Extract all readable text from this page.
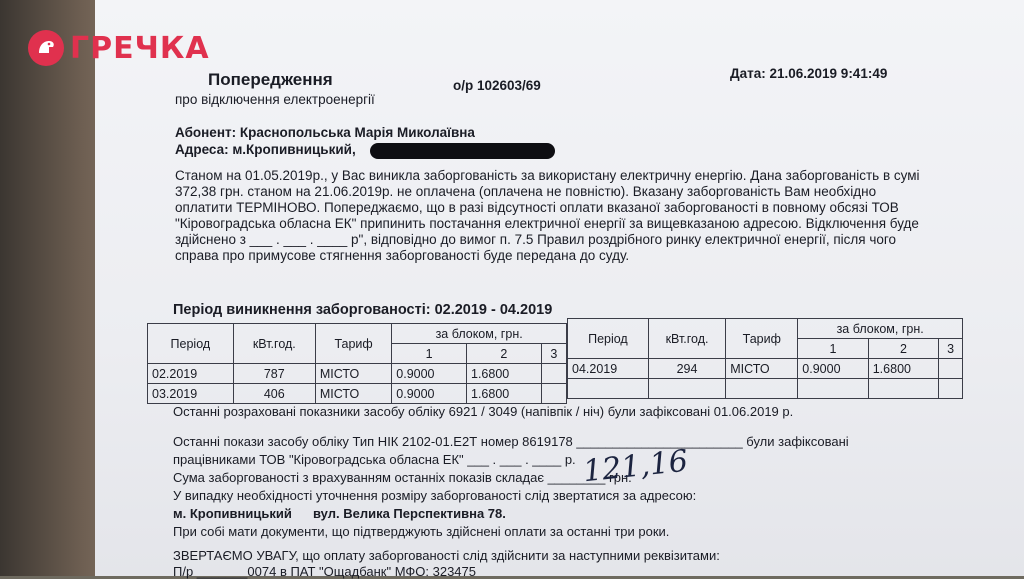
Попередження
про відключення електроенергії
о/р 102603/69
Дата: 21.06.2019 9:41:49
Абонент: Краснопольська Марія Миколаївна
Адреса: м.Кропивницький,
Станом на 01.05.2019р., у Вас виникла заборгованість за використану електричну енергію. Дана заборгованість в сумі
372,38 грн. станом на 21.06.2019р. не оплачена (оплачена не повністю). Вказану заборгованість Вам необхідно
оплатити ТЕРМІНОВО. Попереджаємо, що в разі відсутності оплати вказаної заборгованості в повному обсязі ТОВ
"Кіровоградська обласна ЕК" припинить постачання електричної енергії за вищевказаною адресою. Відключення буде
здійснено з ___ . ___ . ____ р", відповідно до вимог п. 7.5 Правил роздрібного ринку електричної енергії, після чого
справа про примусове стягнення заборгованості буде передана до суду.
Період виникнення заборгованості: 02.2019 - 04.2019
Період	кВт.год.	Тариф	за блоком, грн.		
			1	2	3
02.2019	787	МІСТО	0.9000	1.6800	
03.2019	406	МІСТО	0.9000	1.6800	
Період	кВт.год.	Тариф	за блоком, грн.		
			1	2	3
04.2019	294	МІСТО	0.9000	1.6800	

Останні розраховані показники засобу обліку 6921 / 3049 (напівпік / ніч) були зафіксовані 01.06.2019 р.
Останні покази засобу обліку Тип НІК 2102-01.Е2Т номер 8619178 _______________________ були зафіксовані
працівниками ТОВ "Кіровоградська обласна ЕК" ___ . ___ . ____ р.
Сума заборгованості з врахуванням останніх показів складає ________ грн.
121,16
У випадку необхідності уточнення розміру заборгованості слід звертатися за адресою:
м. Кропивницький вул. Велика Перспективна 78.
При собі мати документи, що підтверджують здійснені оплати за останні три роки.
ЗВЕРТАЄМО УВАГУ, що оплату заборгованості слід здійснити за наступними реквізитами:
П/р _______0074 в ПАТ "Ощадбанк" МФО: 323475
ГРЕЧКА
